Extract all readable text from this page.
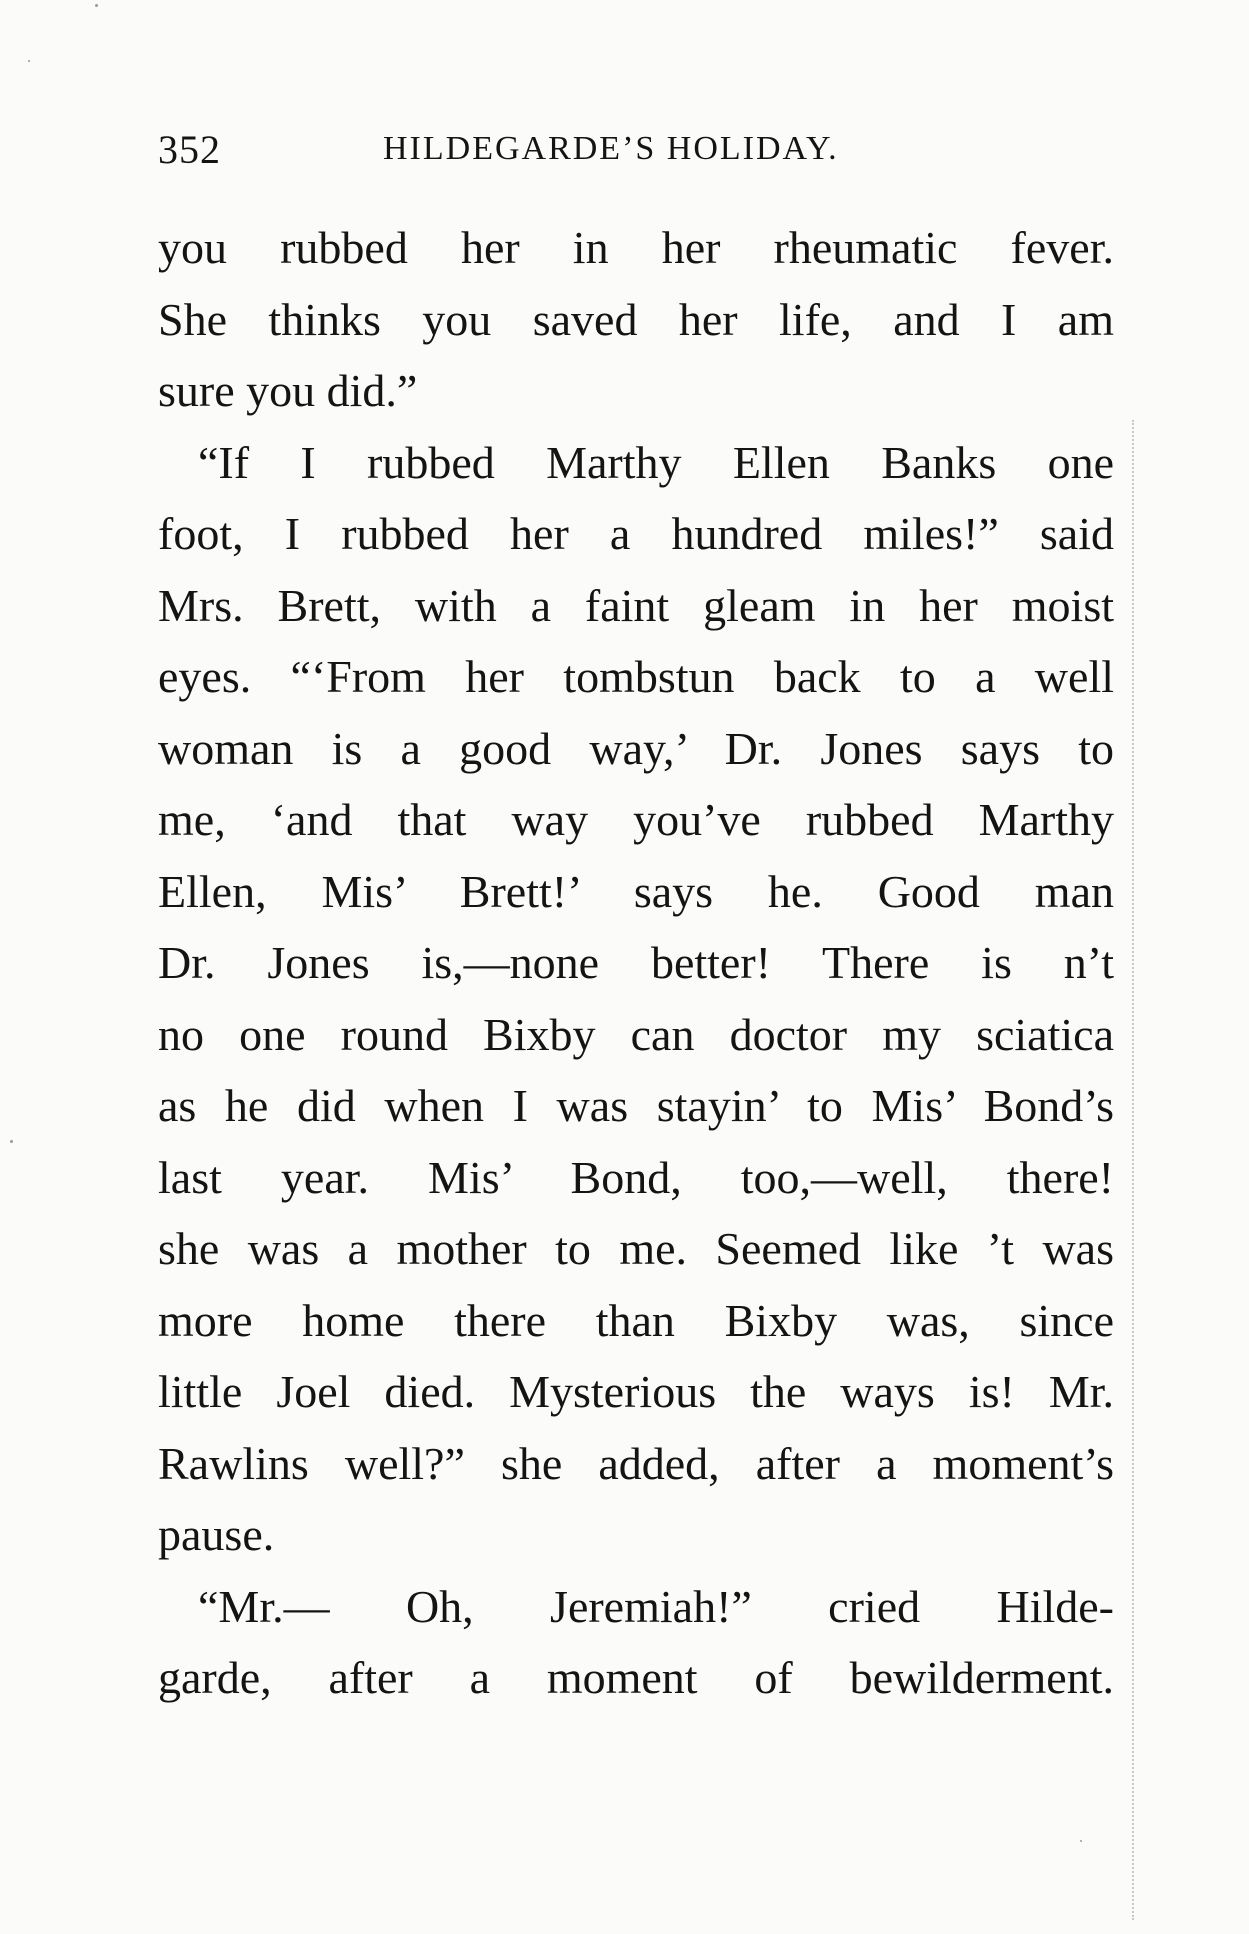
352	HILDEGARDE’S HOLIDAY.
you rubbed her in her rheumatic fever.
She thinks you saved her life, and I am
sure you did.”
“If I rubbed Marthy Ellen Banks one
foot, I rubbed her a hundred miles!” said
Mrs. Brett, with a faint gleam in her moist
eyes. “‘From her tombstun back to a well
woman is a good way,’ Dr. Jones says to
me, ‘and that way you’ve rubbed Marthy
Ellen, Mis’ Brett!’ says he. Good man
Dr. Jones is,—none better! There is n’t
no one round Bixby can doctor my sciatica
as he did when I was stayin’ to Mis’ Bond’s
last year. Mis’ Bond, too,—well, there!
she was a mother to me. Seemed like ’t was
more home there than Bixby was, since
little Joel died. Mysterious the ways is! Mr.
Rawlins well?” she added, after a moment’s
pause.
“Mr.— Oh, Jeremiah!” cried Hilde-
garde, after a moment of bewilderment.
